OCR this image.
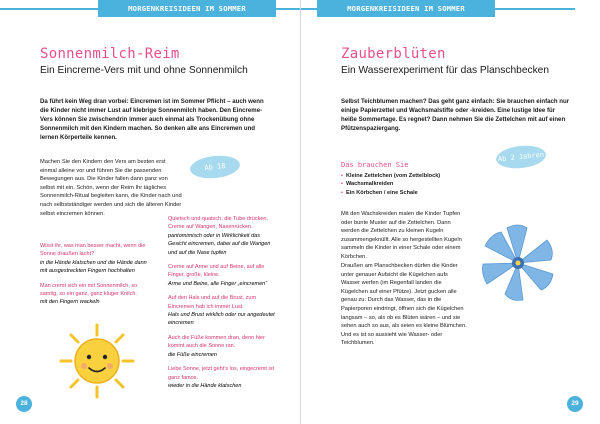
MORGENKREISIDEEN IM SOMMER
Sonnenmilch-Reim
Ein Eincreme-Vers mit und ohne Sonnenmilch
Da führt kein Weg dran vorbei: Eincremen ist im Sommer Pflicht – auch wenn die Kinder nicht immer Lust auf klebrige Sonnenmilch haben. Den Eincreme-Vers können Sie zwischendrin immer auch einmal als Trockenübung ohne Sonnenmilch mit den Kindern machen. So denken alle ans Eincremen und lernen Körperteile kennen.
Ab 18 Monaten
Machen Sie den Kindern den Vers am besten erst einmal alleine vor und führen Sie die passenden Bewegungen aus. Die Kinder fallen dann ganz von selbst mit ein. Schön, wenn der Reim Ihr tägliches Sonnenmilch-Ritual begleiten kann, die Kinder nach und nach selbstständiger werden und sich die älteren Kinder selbst eincremen können.
Wisst ihr, was man besser macht, wenn die Sonne draußen lacht?
in die Hände klatschen und die Hände dann mit ausgestreckten Fingern hochhalten
Man cremt sich ein mit Sonnenmilch, so samtig, so ein ganz, ganz kluger Knilch.
mit den Fingern wackeln
Quietsch und quatsch, die Tube drücken, Creme auf Wangen, Nasenrücken.
pantomimisch oder in Wirklichkeit das Gesicht eincremen, dabei auf die Wangen und auf die Nase tupfen
Creme auf Arme und auf Beine, auf alle Finger, große, kleine.
Arme und Beine, alle Finger „eincremen“
Auf den Hals und auf die Brust, zum Eincremen hab ich immer Lust.
Hals und Brust wirklich oder nur angedeutet eincremen
Auch die Füße kommen dran, denn hier kommt auch die Sonne ran.
die Füße eincremen
Liebe Sonne, jetzt geht’s los, eingecremt ist ganz famos.
wieder in die Hände klatschen
28
MORGENKREISIDEEN IM SOMMER
Zauberblüten
Ein Wasserexperiment für das Planschbecken
Selbst Teichblumen machen? Das geht ganz einfach: Sie brauchen einfach nur einige Papierzettel und Wachsmalstifte oder -kreiden. Eine lustige Idee für heiße Sommertage. Es regnet? Dann nehmen Sie die Zettelchen mit auf einen Pfützenspaziergang.
Das brauchen Sie
▪ Kleine Zettelchen (vom Zettelblock)
▪ Wachsmalkreiden
▪ Ein Körbchen / eine Schale
Ab 2 Jahren
Mit den Wachskreiden malen die Kinder Tupfen oder bunte Muster auf die Zettelchen. Dann werden die Zettelchen zu kleinen Kugeln zusammengeknüllt. Alle so hergestellten Kugeln sammeln die Kinder in einer Schale oder einem Körbchen.
Draußen am Planschbecken dürfen die Kinder unter genauer Aufsicht die Kügelchen aufs Wasser werfen (im Regenfall landen die Kügelchen auf einer Pfütze). Jetzt gucken alle genau zu: Durch das Wasser, das in die Papierporen eindringt, öffnen sich die Kügelchen langsam – so, als ob es Blüten wären – und sie sehen auch so aus, als seien es kleine Blümchen. Und es ist so aussieht wie Wasser- oder Teichblumen.
29
